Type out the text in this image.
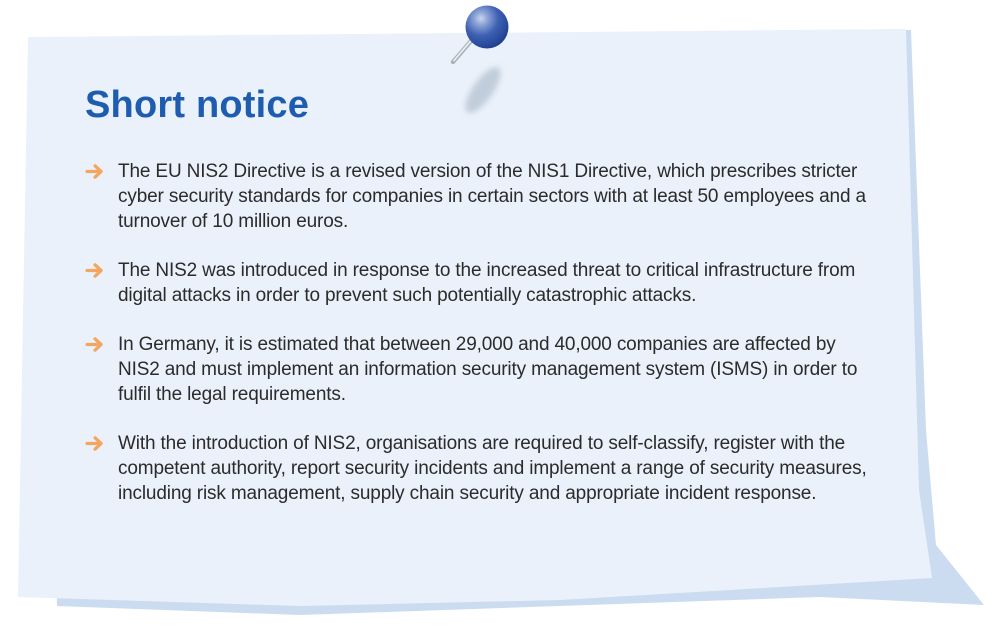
Short notice
The EU NIS2 Directive is a revised version of the NIS1 Directive, which prescribes stricter cyber security standards for companies in certain sectors with at least 50 employees and a turnover of 10 million euros.
The NIS2 was introduced in response to the increased threat to critical infrastructure from digital attacks in order to prevent such potentially catastrophic attacks.
In Germany, it is estimated that between 29,000 and 40,000 companies are affected by NIS2 and must implement an information security management system (ISMS) in order to fulfil the legal requirements.
With the introduction of NIS2, organisations are required to self-classify, register with the competent authority, report security incidents and implement a range of security measures, including risk management, supply chain security and appropriate incident response.
